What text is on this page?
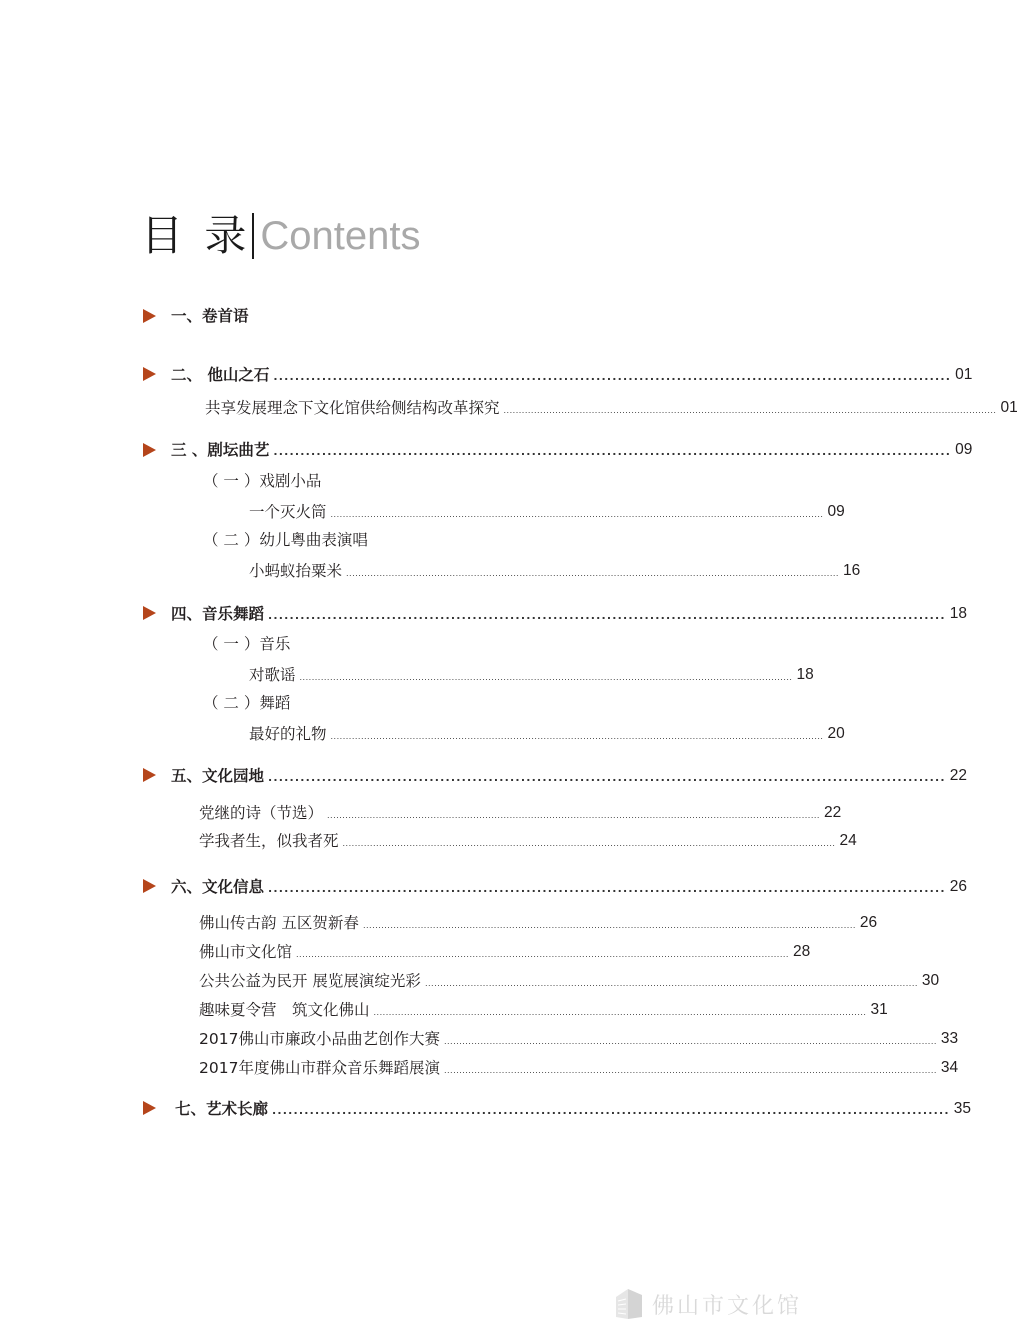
目 录 Contents
一、卷首语
二、 他山之石 .............................................................................................................................. 01
共享发展理念下文化馆供给侧结构改革探究 .................................................................................................................................................................. 01
三 、剧坛曲艺 .............................................................................................................................. 09
（ 一 ）戏剧小品
一个灭火筒 .................................................................................................................................................................. 09
（ 二 ）幼儿粤曲表演唱
小蚂蚁抬粟米 .................................................................................................................................................................. 16
四、音乐舞蹈 .............................................................................................................................. 18
（ 一 ）音乐
对歌谣 .................................................................................................................................................................. 18
（ 二 ）舞蹈
最好的礼物 .................................................................................................................................................................. 20
五、文化园地 .............................................................................................................................. 22
党继的诗（节选） .................................................................................................................................................................. 22
学我者生，似我者死 .................................................................................................................................................................. 24
六、文化信息 .............................................................................................................................. 26
佛山传古韵 五区贺新春 .................................................................................................................................................................. 26
佛山市文化馆 .................................................................................................................................................................. 28
公共公益为民开 展览展演绽光彩 .................................................................................................................................................................. 30
趣味夏令营　筑文化佛山 .................................................................................................................................................................. 31
2017佛山市廉政小品曲艺创作大赛 .................................................................................................................................................................. 33
2017年度佛山市群众音乐舞蹈展演 .................................................................................................................................................................. 34
七、艺术长廊 .............................................................................................................................. 35
佛山市文化馆
